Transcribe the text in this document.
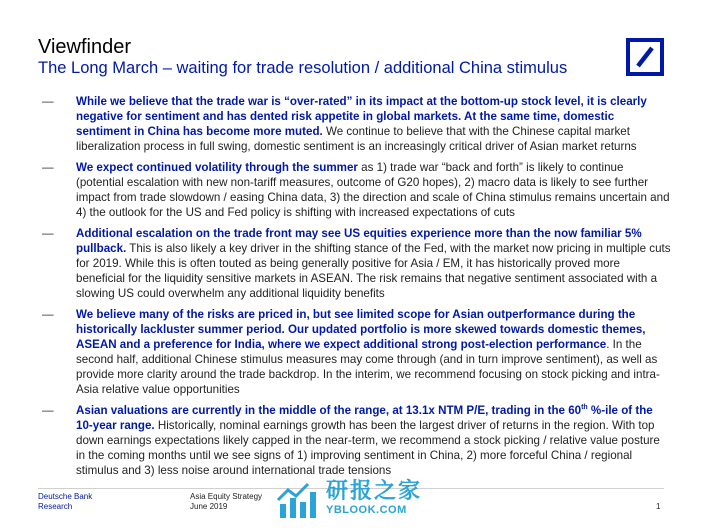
Viewfinder
The Long March – waiting for trade resolution / additional China stimulus
— While we believe that the trade war is “over-rated” in its impact at the bottom-up stock level, it is clearly negative for sentiment and has dented risk appetite in global markets. At the same time, domestic sentiment in China has become more muted. We continue to believe that with the Chinese capital market liberalization process in full swing, domestic sentiment is an increasingly critical driver of Asian market returns
— We expect continued volatility through the summer as 1) trade war “back and forth” is likely to continue (potential escalation with new non-tariff measures, outcome of G20 hopes), 2) macro data is likely to see further impact from trade slowdown / easing China data, 3) the direction and scale of China stimulus remains uncertain and 4) the outlook for the US and Fed policy is shifting with increased expectations of cuts
— Additional escalation on the trade front may see US equities experience more than the now familiar 5% pullback. This is also likely a key driver in the shifting stance of the Fed, with the market now pricing in multiple cuts for 2019. While this is often touted as being generally positive for Asia / EM, it has historically proved more beneficial for the liquidity sensitive markets in ASEAN. The risk remains that negative sentiment associated with a slowing US could overwhelm any additional liquidity benefits
— We believe many of the risks are priced in, but see limited scope for Asian outperformance during the historically lackluster summer period. Our updated portfolio is more skewed towards domestic themes, ASEAN and a preference for India, where we expect additional strong post-election performance. In the second half, additional Chinese stimulus measures may come through (and in turn improve sentiment), as well as provide more clarity around the trade backdrop. In the interim, we recommend focusing on stock picking and intra-Asia relative value opportunities
— Asian valuations are currently in the middle of the range, at 13.1x NTM P/E, trading in the 60th %-ile of the 10-year range. Historically, nominal earnings growth has been the largest driver of returns in the region. With top down earnings expectations likely capped in the near-term, we recommend a stock picking / relative value posture in the coming months until we see signs of 1) improving sentiment in China, 2) more forceful China / regional stimulus and 3) less noise around international trade tensions
Deutsche Bank
Research
Asia Equity Strategy
June 2019	1
研报之家
YBLOOK.COM
